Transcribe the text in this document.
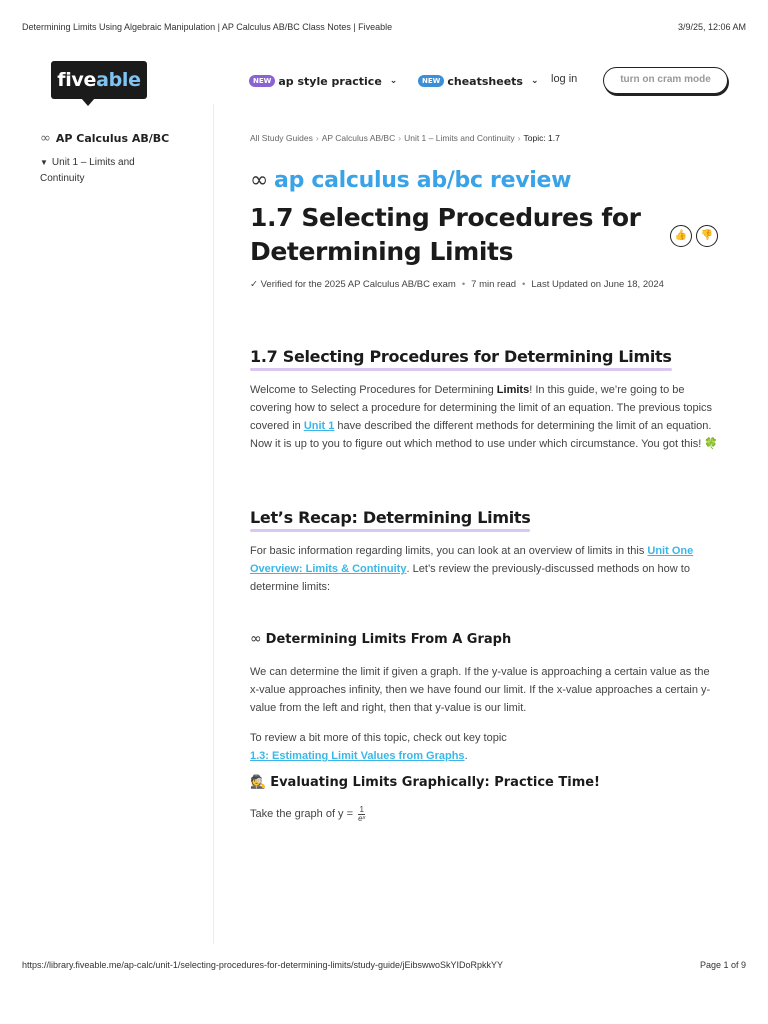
Determining Limits Using Algebraic Manipulation | AP Calculus AB/BC Class Notes | Fiveable	3/9/25, 12:06 AM
fiveable	NEW ap style practice ⌄	NEW cheatsheets ⌄ log in	turn on cram mode
∞ AP Calculus AB/BC
▼ Unit 1 – Limits and Continuity
All Study Guides › AP Calculus AB/BC › Unit 1 – Limits and Continuity › Topic: 1.7
∞ ap calculus ab/bc review
1.7 Selecting Procedures for Determining Limits
👍	👎
✓ Verified for the 2025 AP Calculus AB/BC exam • 7 min read • Last Updated on June 18, 2024
1.7 Selecting Procedures for Determining Limits

Welcome to Selecting Procedures for Determining Limits! In this guide, we’re going to be covering how to select a procedure for determining the limit of an equation. The previous topics covered in Unit 1 have described the different methods for determining the limit of an equation. Now it is up to you to figure out which method to use under which circumstance. You got this! 🍀

Let’s Recap: Determining Limits

For basic information regarding limits, you can look at an overview of limits in this Unit One Overview: Limits & Continuity. Let’s review the previously-discussed methods on how to determine limits:

∞ Determining Limits From A Graph

We can determine the limit if given a graph. If the y-value is approaching a certain value as the x-value approaches infinity, then we have found our limit. If the x-value approaches a certain y-value from the left and right, then that y-value is our limit.

To review a bit more of this topic, check out key topic
1.3: Estimating Limit Values from Graphs.

🕵️ Evaluating Limits Graphically: Practice Time!

Take the graph of $y = \frac{1}{\text{eˣ}}$

https://library.fiveable.me/ap-calc/unit-1/selecting-procedures-for-determining-limits/study-guide/jEibswwoSkYIDoRpkkYY	Page 1 of 9
